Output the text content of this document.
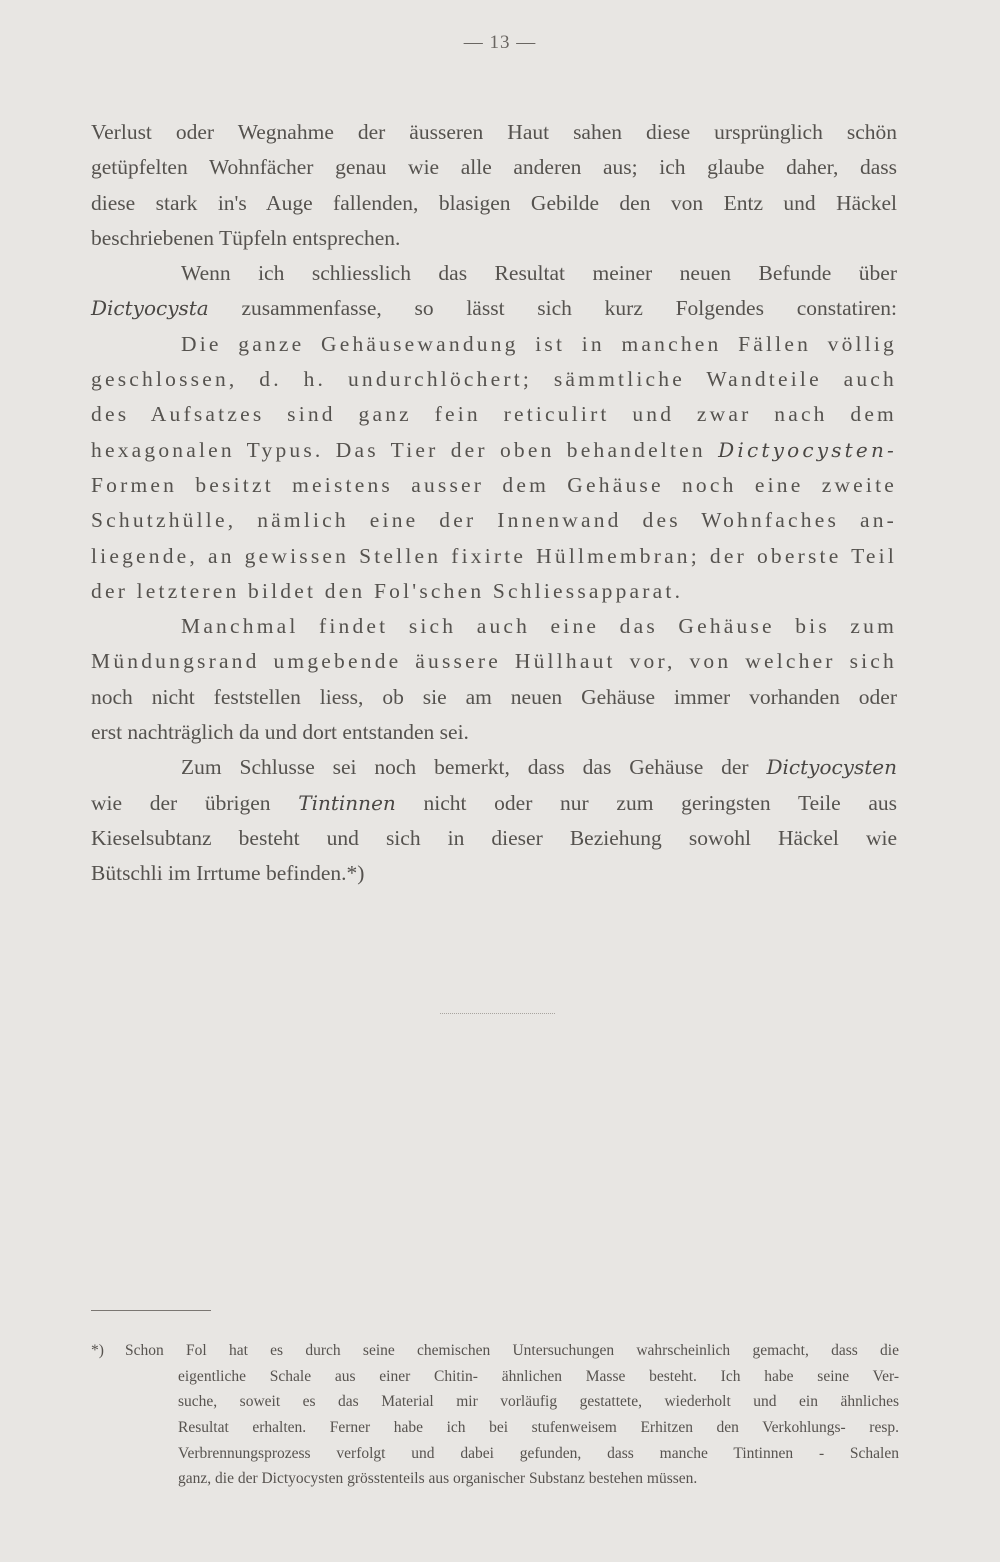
— 13 —
Verlust oder Wegnahme der äusseren Haut sahen diese ursprünglich schön
getüpfelten Wohnfächer genau wie alle anderen aus; ich glaube daher, dass
diese stark in's Auge fallenden, blasigen Gebilde den von Entz und Häckel
beschriebenen Tüpfeln entsprechen.
Wenn ich schliesslich das Resultat meiner neuen Befunde über
Dictyocysta zusammenfasse, so lässt sich kurz Folgendes constatiren:
Die ganze Gehäusewandung ist in manchen Fällen völlig
geschlossen, d. h. undurchlöchert; sämmtliche Wandteile auch
des Aufsatzes sind ganz fein reticulirt und zwar nach dem
hexagonalen Typus. Das Tier der oben behandelten Dictyocysten-
Formen besitzt meistens ausser dem Gehäuse noch eine zweite
Schutzhülle, nämlich eine der Innenwand des Wohnfaches an-
liegende, an gewissen Stellen fixirte Hüllmembran; der oberste Teil
der letzteren bildet den Fol'schen Schliessapparat.
Manchmal findet sich auch eine das Gehäuse bis zum
Mündungsrand umgebende äussere Hüllhaut vor, von welcher sich
noch nicht feststellen liess, ob sie am neuen Gehäuse immer vorhanden oder
erst nachträglich da und dort entstanden sei.
Zum Schlusse sei noch bemerkt, dass das Gehäuse der Dictyocysten
wie der übrigen Tintinnen nicht oder nur zum geringsten Teile aus
Kieselsubtanz besteht und sich in dieser Beziehung sowohl Häckel wie
Bütschli im Irrtume befinden.*)
*)	Schon Fol hat es durch seine chemischen Untersuchungen wahrscheinlich gemacht, dass die
eigentliche Schale aus einer Chitin- ähnlichen Masse besteht. Ich habe seine Ver-
suche, soweit es das Material mir vorläufig gestattete, wiederholt und ein ähnliches
Resultat erhalten. Ferner habe ich bei stufenweisem Erhitzen den Verkohlungs- resp.
Verbrennungsprozess verfolgt und dabei gefunden, dass manche Tintinnen - Schalen
ganz, die der Dictyocysten grösstenteils aus organischer Substanz bestehen müssen.
